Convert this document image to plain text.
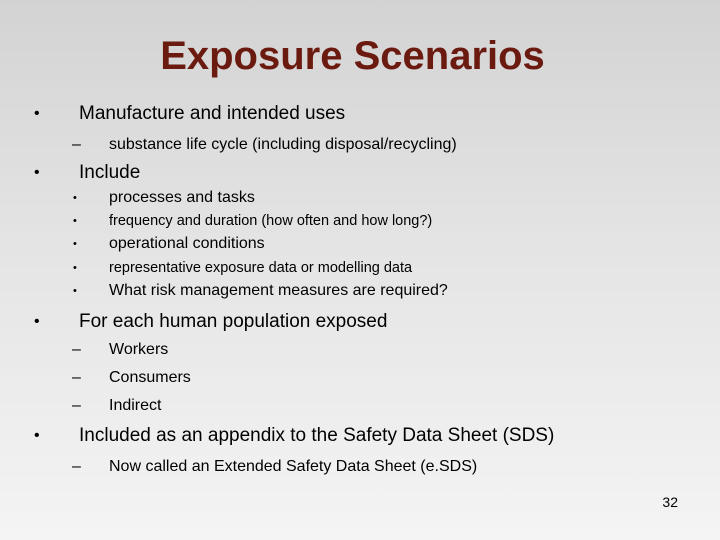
Exposure Scenarios
• Manufacture and intended uses
– substance life cycle (including disposal/recycling)
• Include
• processes and tasks
• frequency and duration (how often and how long?)
• operational conditions
• representative exposure data or modelling data
• What risk management measures are required?
• For each human population exposed
– Workers
– Consumers
– Indirect
• Included as an appendix to the Safety Data Sheet (SDS)
– Now called an Extended Safety Data Sheet (e.SDS)
32
